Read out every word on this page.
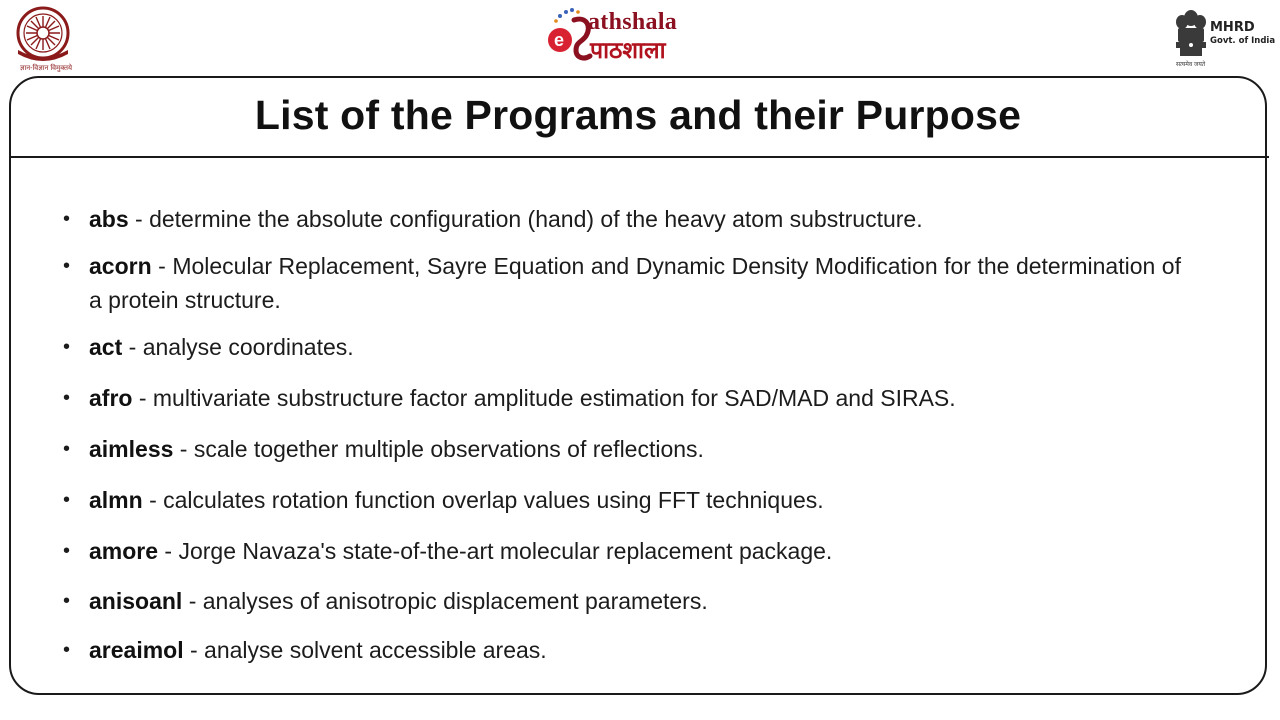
ज्ञान-विज्ञान विमुक्तये
e
athshala
पाठशाला
MHRD
Govt. of India
सत्यमेव जयते
List of the Programs and their Purpose
• abs - determine the absolute configuration (hand) of the heavy atom substructure.
• acorn - Molecular Replacement, Sayre Equation and Dynamic Density Modification for the determination of a protein structure.
• act - analyse coordinates.
• afro - multivariate substructure factor amplitude estimation for SAD/MAD and SIRAS.
• aimless - scale together multiple observations of reflections.
• almn - calculates rotation function overlap values using FFT techniques.
• amore - Jorge Navaza's state-of-the-art molecular replacement package.
• anisoanl - analyses of anisotropic displacement parameters.
• areaimol - analyse solvent accessible areas.
